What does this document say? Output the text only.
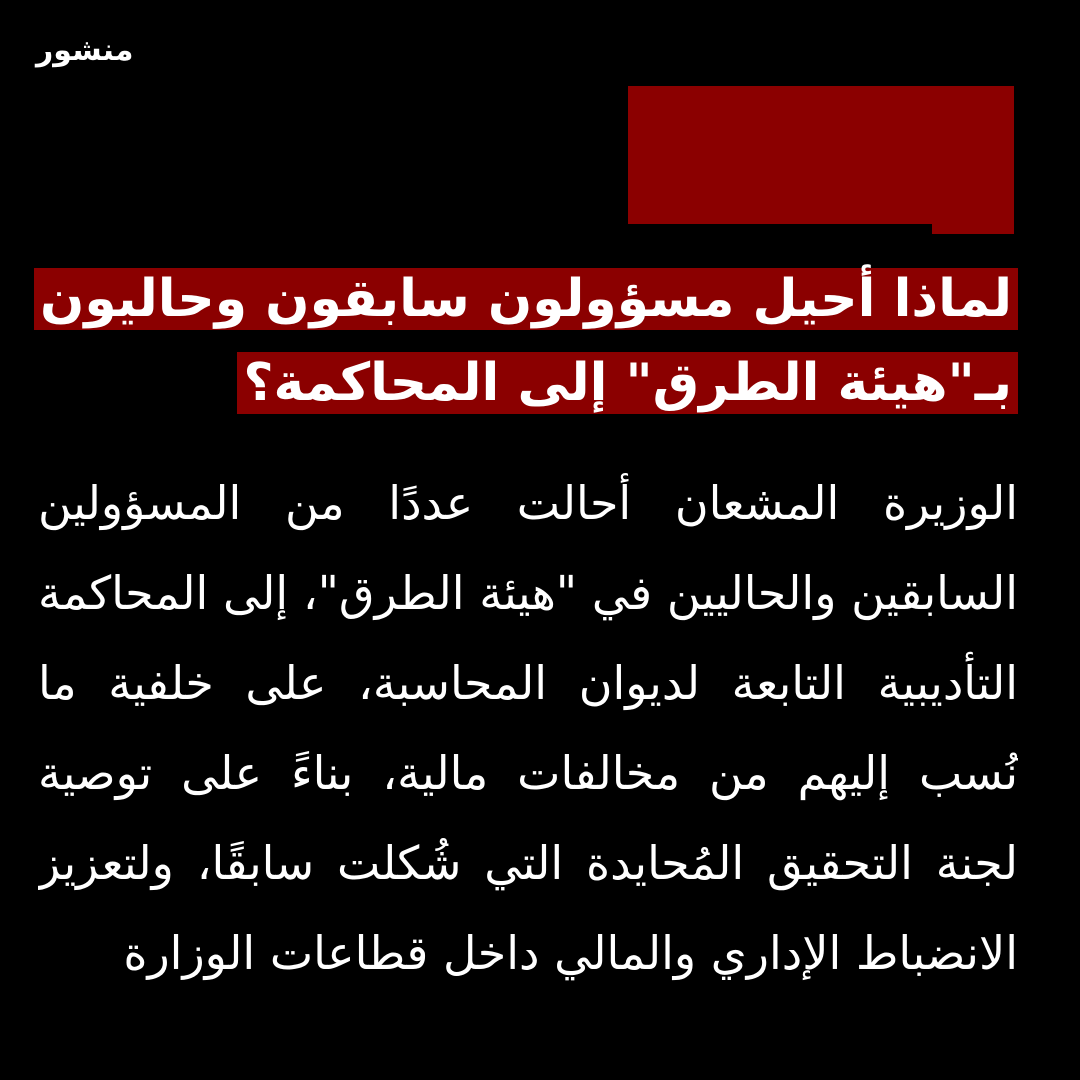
منشور
لماذا أحيل مسؤولون سابقون وحاليون
بـ"هيئة الطرق" إلى المحاكمة؟
الوزيرة المشعان أحالت عددًا من المسؤولين
السابقين والحاليين في "هيئة الطرق"، إلى المحاكمة
التأديبية التابعة لديوان المحاسبة، على خلفية ما
نُسب إليهم من مخالفات مالية، بناءً على توصية
لجنة التحقيق المُحايدة التي شُكلت سابقًا، ولتعزيز
الانضباط الإداري والمالي داخل قطاعات الوزارة
